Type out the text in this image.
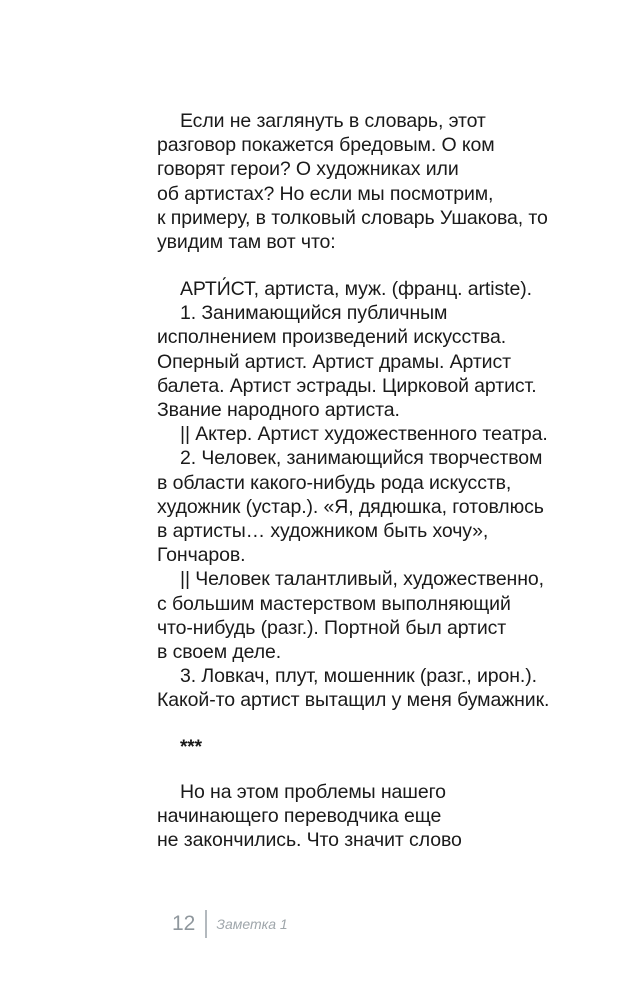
Если не заглянуть в словарь, этот
разговор покажется бредовым. О ком
говорят герои? О художниках или
об артистах? Но если мы посмотрим,
к примеру, в толковый словарь Ушакова, то
увидим там вот что:
АРТИ́СТ, артиста, муж. (франц. artiste).
1. Занимающийся публичным
исполнением произведений искусства.
Оперный артист. Артист драмы. Артист
балета. Артист эстрады. Цирковой артист.
Звание народного артиста.
|| Актер. Артист художественного театра.
2. Человек, занимающийся творчеством
в области какого-нибудь рода искусств,
художник (устар.). «Я, дядюшка, готовлюсь
в артисты… художником быть хочу»,
Гончаров.
|| Человек талантливый, художественно,
с большим мастерством выполняющий
что-нибудь (разг.). Портной был артист
в своем деле.
3. Ловкач, плут, мошенник (разг., ирон.).
Какой-то артист вытащил у меня бумажник.
***
Но на этом проблемы нашего
начинающего переводчика еще
не закончились. Что значит слово
12 Заметка 1
